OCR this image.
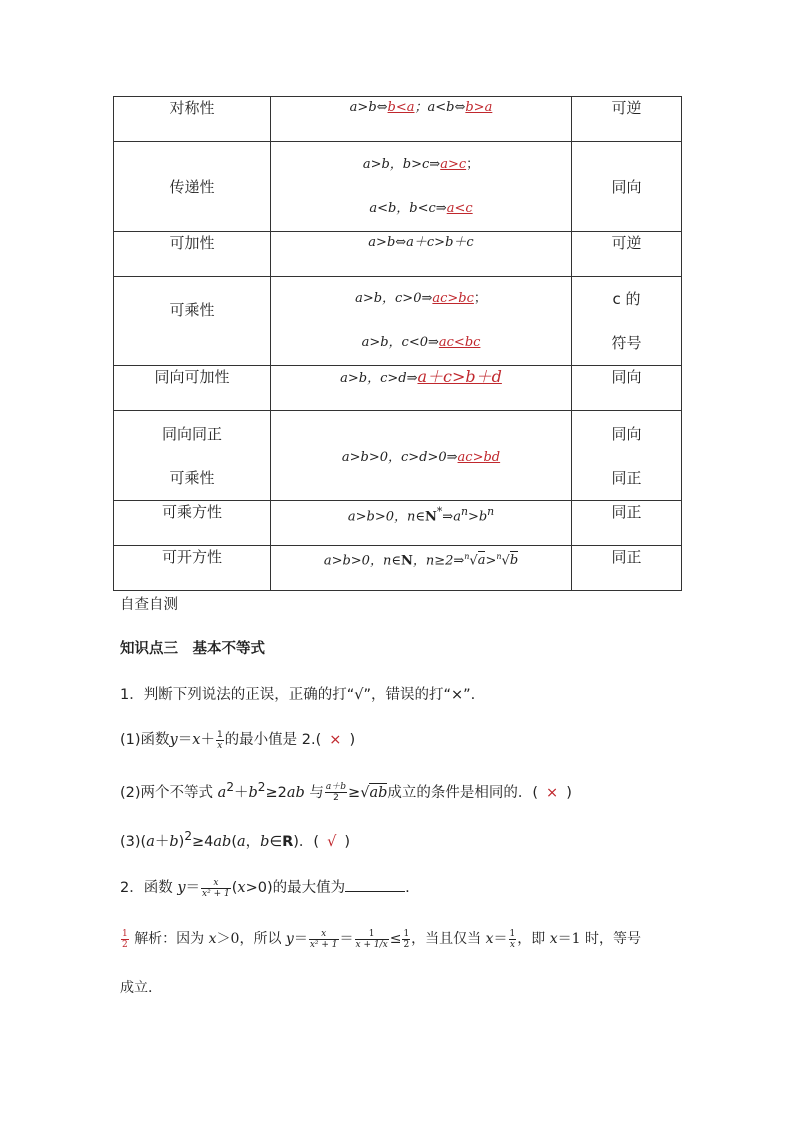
对称性	a>b⇔b<a；a<b⇔b>a	可逆

传递性	a>b，b>c⇒a>c；
a<b，b<c⇒a<c	同向

可加性	a>b⇔a＋c>b＋c	可逆

可乘性	a>b，c>0⇒ac>bc；
a>b，c<0⇒ac<bc	c 的
符号

同向可加性	a>b，c>d⇒a＋c>b＋d	同向

同向同正
可乘性	a>b>0，c>d>0⇒ac>bd	同向
同正

可乘方性	a>b>0，$n\in N^*\Rightarrow a^n>b^n$	同正

可开方性	a>b>0，n∈N，n≥2⇒$^n$√a>$^n$√b	同正
自查自测
知识点三　基本不等式
1．判断下列说法的正误，正确的打“√”，错误的打“×”.
(1)函数$y=x+ \frac{1}{x}$ 的最小值是 2.( × )
(2)两个不等式 $a^2+b^2\ge 2ab$ 与 $\frac{a+b}{2} \ge√ab$成立的条件是相同的．( × )
$(3)(a+b)^2\ge 4ab(a$，b∈R)．( √ )
2．函数 $y= \frac{x}{\text{x² + 1}} (x>0)$的最大值为	.
$\frac{1}{2}$ 解析：因为 x＞0，所以 $y= \frac{x}{\text{x² + 1}} = \frac{1}{x + 1/x} \le \frac{1}{2}$ ，当且仅当 $x= \frac{1}{x}$ ，即 x＝1 时，等号
成立.
